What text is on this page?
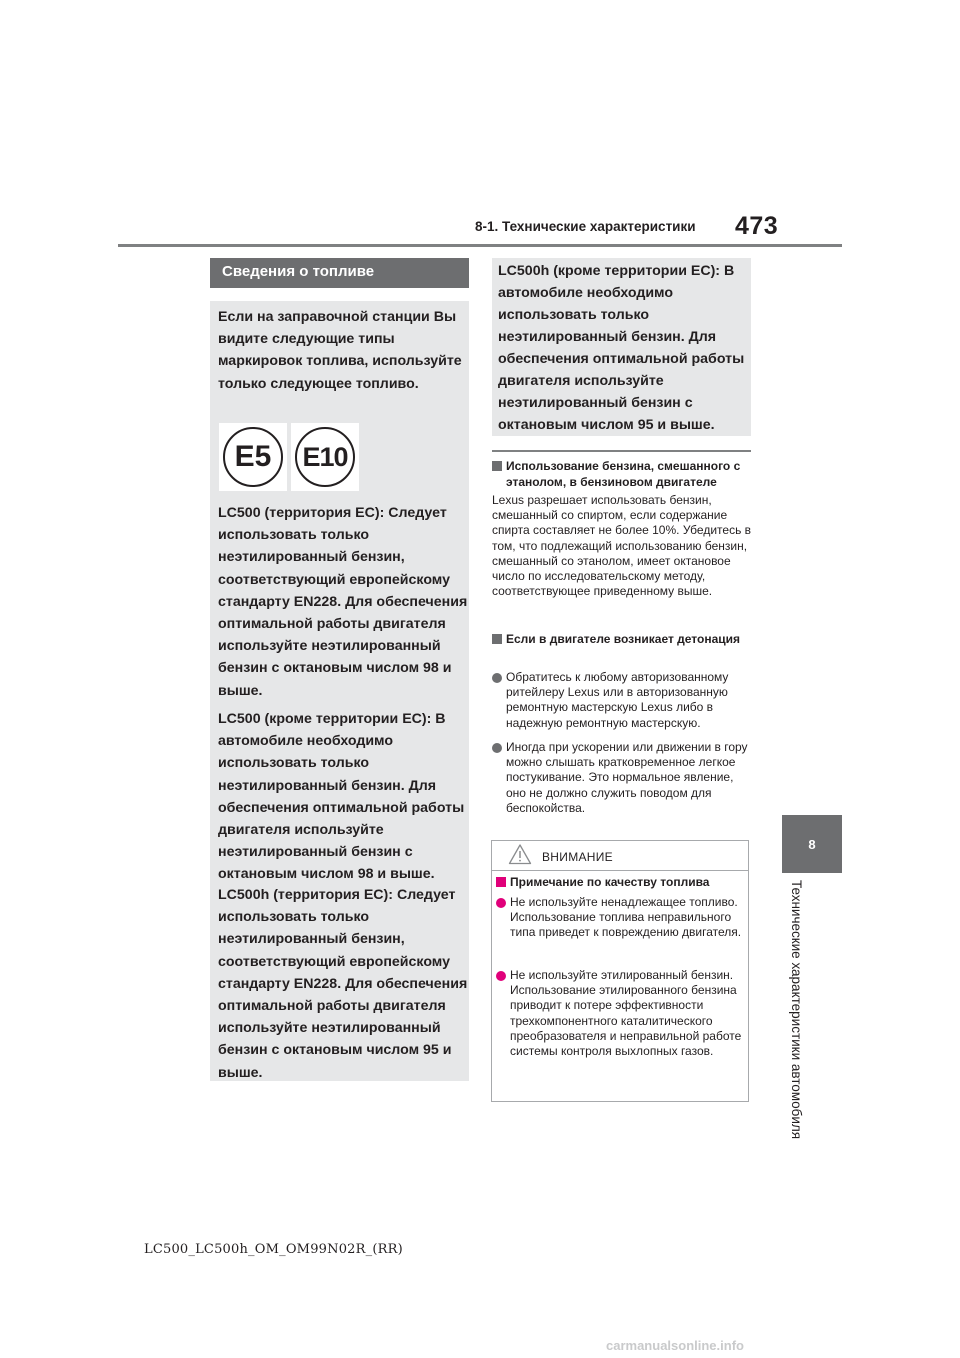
473
8-1. Технические характеристики
8
Технические характеристики автомобиля
Сведения о топливе
Если на заправочной станции Вы видите следующие типы маркировок топлива, используйте только следующее топливо.
E5	E10
LC500 (территория ЕС): Следует использовать только неэтилированный бензин, соответствующий европейскому стандарту EN228. Для обеспечения оптимальной работы двигателя используйте неэтилированный бензин с октановым числом 98 и выше.
LC500 (кроме территории ЕС): В автомобиле необходимо использовать только неэтилированный бензин. Для обеспечения оптимальной работы двигателя используйте неэтилированный бензин с октановым числом 98 и выше.
LC500h (территория ЕС): Следует использовать только неэтилированный бензин, соответствующий европейскому стандарту EN228. Для обеспечения оптимальной работы двигателя используйте неэтилированный бензин с октановым числом 95 и выше.
LC500h (кроме территории ЕС): В автомобиле необходимо использовать только неэтилированный бензин. Для обеспечения оптимальной работы двигателя используйте неэтилированный бензин с октановым числом 95 и выше.
Использование бензина, смешанного с этанолом, в бензиновом двигателе
Lexus разрешает использовать бензин, смешанный со спиртом, если содержание спирта составляет не более 10%. Убедитесь в том, что подлежащий использованию бензин, смешанный со этанолом, имеет октановое число по исследовательскому методу, соответствующее приведенному выше.
Если в двигателе возникает детонация
Обратитесь к любому авторизованному ритейлеру Lexus или в авторизованную ремонтную мастерскую Lexus либо в надежную ремонтную мастерскую.
Иногда при ускорении или движении в гору можно слышать кратковременное легкое постукивание. Это нормальное явление, оно не должно служить поводом для беспокойства.
ВНИМАНИЕ
Примечание по качеству топлива
Не используйте ненадлежащее топливо. Использование топлива неправильного типа приведет к повреждению двигателя.
Не используйте этилированный бензин. Использование этилированного бензина приводит к потере эффективности трехкомпонентного каталитического преобразователя и неправильной работе системы контроля выхлопных газов.
LC500_LC500h_OM_OM99N02R_(RR)
carmanualsonline.info
